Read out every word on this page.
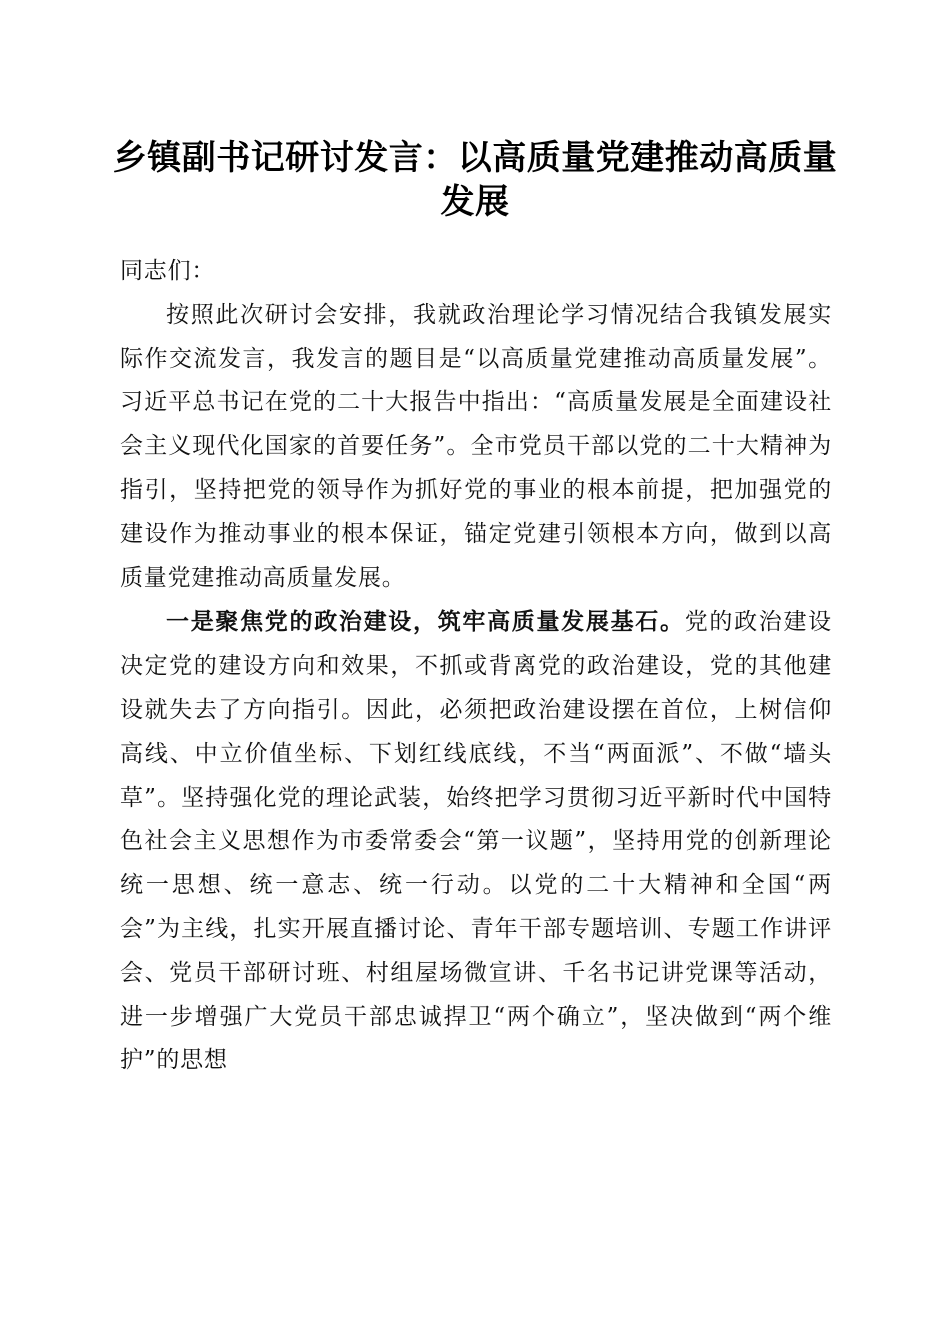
乡镇副书记研讨发言：以高质量党建推动高质量发展

同志们：

按照此次研讨会安排，我就政治理论学习情况结合我镇发展实际作交流发言，我发言的题目是“以高质量党建推动高质量发展”。习近平总书记在党的二十大报告中指出：“高质量发展是全面建设社会主义现代化国家的首要任务”。全市党员干部以党的二十大精神为指引，坚持把党的领导作为抓好党的事业的根本前提，把加强党的建设作为推动事业的根本保证，锚定党建引领根本方向，做到以高质量党建推动高质量发展。

一是聚焦党的政治建设，筑牢高质量发展基石。党的政治建设决定党的建设方向和效果，不抓或背离党的政治建设，党的其他建设就失去了方向指引。因此，必须把政治建设摆在首位，上树信仰高线、中立价值坐标、下划红线底线，不当“两面派”、不做“墙头草”。坚持强化党的理论武装，始终把学习贯彻习近平新时代中国特色社会主义思想作为市委常委会“第一议题”，坚持用党的创新理论统一思想、统一意志、统一行动。以党的二十大精神和全国“两会”为主线，扎实开展直播讨论、青年干部专题培训、专题工作讲评会、党员干部研讨班、村组屋场微宣讲、千名书记讲党课等活动，进一步增强广大党员干部忠诚捍卫“两个确立”，坚决做到“两个维护”的思想
